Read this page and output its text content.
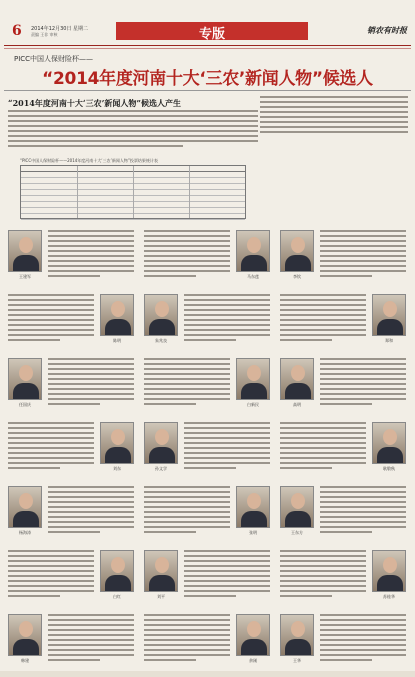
6 2014年12月30日 星期二
责编 王非 审核	专版	销农有时报
PICC中国人保财险杯——
“2014年度河南十大‘三农’新闻人物”候选人
“2014年度河南十大‘三农’新闻人物”候选人产生
“PICC中国人保财险杯——2014年度河南十大‘三农’新闻人物”投票结果统计表
王建军	马东莲	李钦
陈明	朱兆良	郑和
任国庆	白新民	高明
刘东	孙文学	耿敬秋
杨海涛	张明	王东方
白红	刘平	苏桂华
韩建	余刚	王华
